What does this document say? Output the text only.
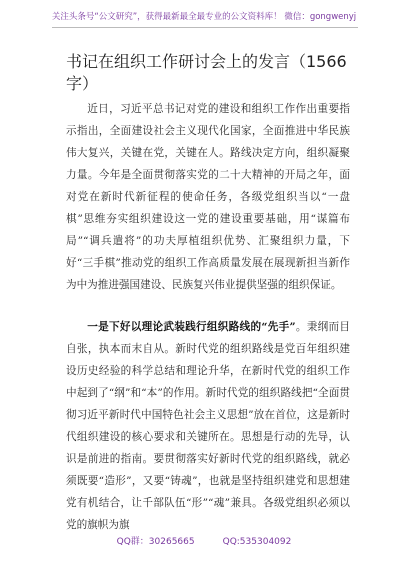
关注头条号“公文研究”，获得最新最全最专业的公文资料库！ 微信：gongwenyj
书记在组织工作研讨会上的发言（1566字）

近日，习近平总书记对党的建设和组织工作作出重要指示指出，全面建设社会主义现代化国家，全面推进中华民族伟大复兴，关键在党，关键在人。路线决定方向，组织凝聚力量。今年是全面贯彻落实党的二十大精神的开局之年，面对党在新时代新征程的使命任务，各级党组织当以“一盘棋”思维夯实组织建设这一党的建设重要基础，用“谋篇布局”“调兵遣将”的功夫厚植组织优势、汇聚组织力量，下好“三手棋”推动党的组织工作高质量发展在展现新担当新作为中为推进强国建设、民族复兴伟业提供坚强的组织保证。

一是下好以理论武装践行组织路线的“先手”。秉纲而目自张，执本而末自从。新时代党的组织路线是党百年组织建设历史经验的科学总结和理论升华，在新时代党的组织工作中起到了“纲”和“本”的作用。新时代党的组织路线把“全面贯彻习近平新时代中国特色社会主义思想”放在首位，这是新时代组织建设的核心要求和关键所在。思想是行动的先导，认识是前进的指南。要贯彻落实好新时代党的组织路线，就必须既要“造形”，又要“铸魂”，也就是坚持组织建党和思想建党有机结合，让千部队伍“形”“魂”兼具。各级党组织必须以党的旗帜为旗

QQ群：30265665	QQ:535304092
